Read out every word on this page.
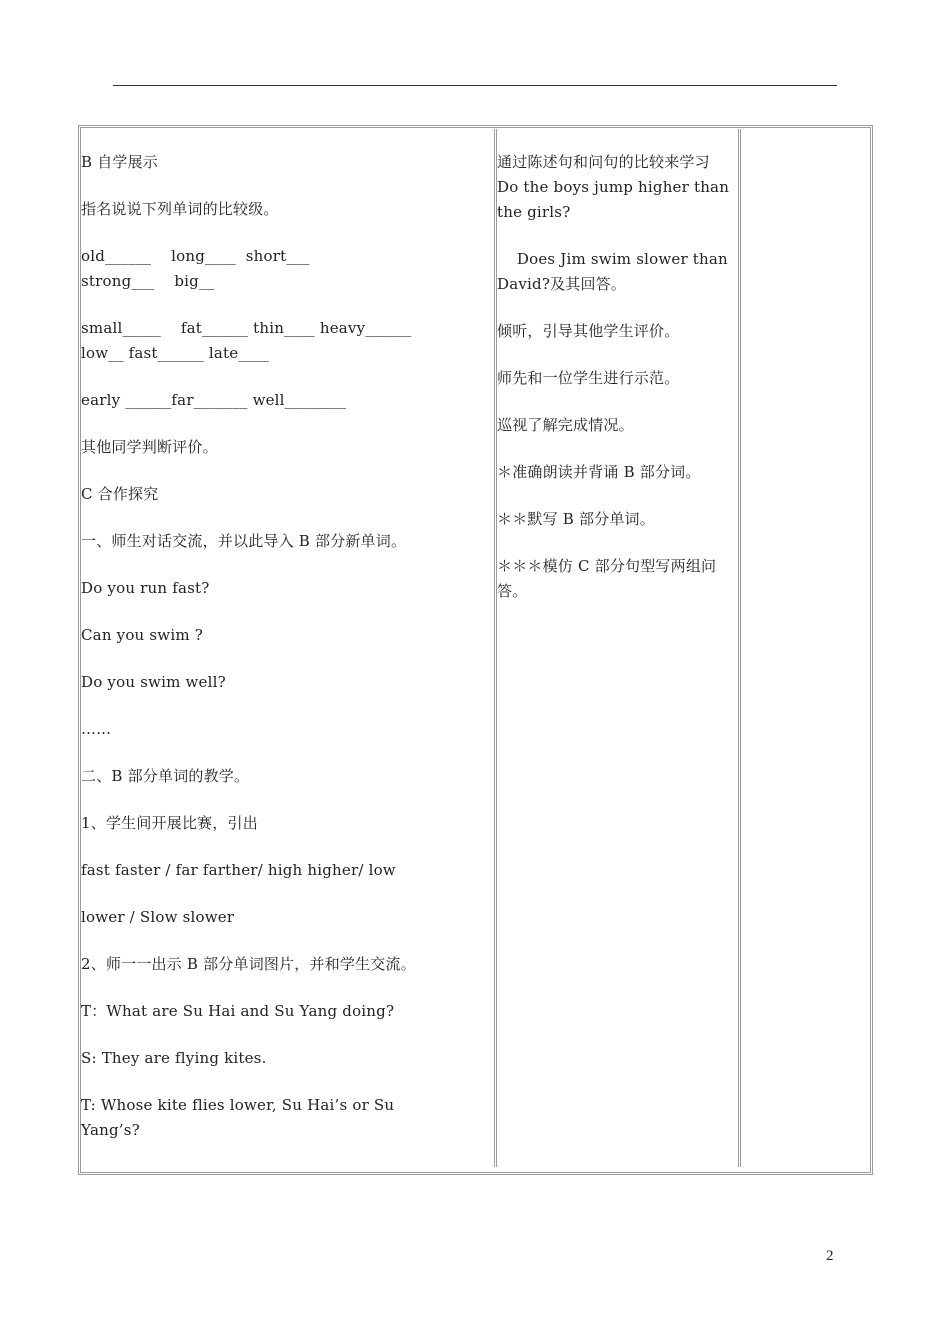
B 自学展示

指名说说下列单词的比较级。

old______    long____  short___
strong___    big__

small_____    fat______ thin____ heavy______
low__ fast______ late____

early ______far_______ well________

其他同学判断评价。

C 合作探究

一、师生对话交流，并以此导入 B 部分新单词。

Do you run fast?

Can you swim ?

Do you swim well?

…...

二、B 部分单词的教学。

1、学生间开展比赛，引出

fast faster / far farther/ high higher/ low

lower / Slow slower

2、师一一出示 B 部分单词图片，并和学生交流。

T：What are Su Hai and Su Yang doing?

S: They are flying kites.

T: Whose kite flies lower, Su Hai’s or Su
Yang’s?

通过陈述句和问句的比较来学习
Do the boys jump higher than
the girls?

Does Jim swim slower than
David?及其回答。

倾听，引导其他学生评价。

师先和一位学生进行示范。

巡视了解完成情况。

＊准确朗读并背诵 B 部分词。

＊＊默写 B 部分单词。

＊＊＊模仿 C 部分句型写两组问
答。

2
